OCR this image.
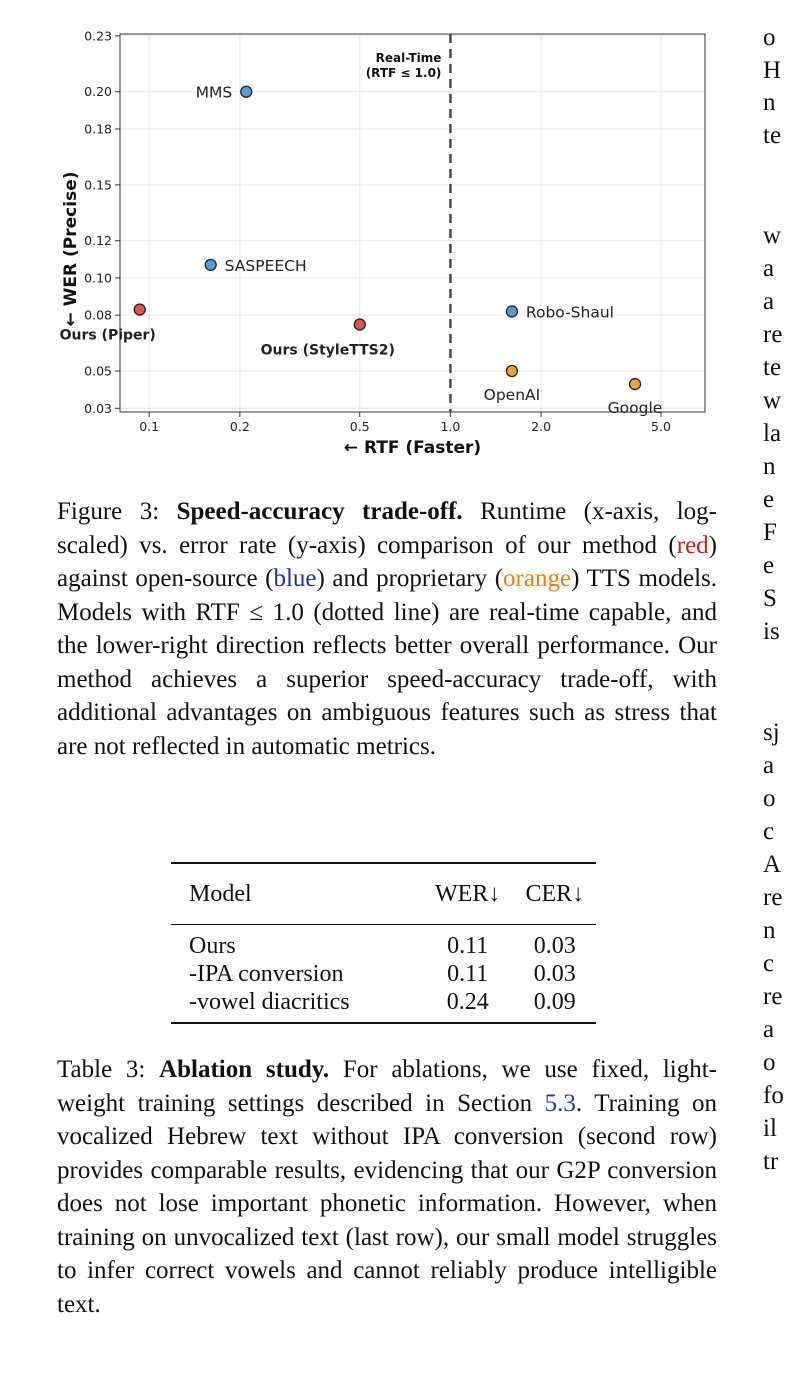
0.03
0.05
0.08
0.10
0.12
0.15
0.18
0.20
0.23
0.1	0.2	0.5	1.0	2.0	5.0
Real-Time
(RTF ≤ 1.0)
MMS
SASPEECH
Ours (Piper)
Ours (StyleTTS2)
Robo-Shaul
OpenAI
Google
← RTF (Faster)
← WER (Precise)

Figure 3: Speed-accuracy trade-off. Runtime (x-axis, log-scaled) vs. error rate (y-axis) comparison of our method (red) against open-source (blue) and proprietary (orange) TTS models. Models with RTF ≤ 1.0 (dotted line) are real-time capable, and the lower-right direction reflects better overall performance. Our method achieves a superior speed-accuracy trade-off, with additional advantages on ambiguous features such as stress that are not reflected in automatic metrics.

Model	WER↓	CER↓
Ours	0.11	0.03
-IPA conversion	0.11	0.03
-vowel diacritics	0.24	0.09

Table 3: Ablation study. For ablations, we use fixed, light-weight training settings described in Section 5.3. Training on vocalized Hebrew text without IPA conversion (second row) provides comparable results, evidencing that our G2P conversion does not lose important phonetic information. However, when training on unvocalized text (last row), our small model struggles to infer correct vowels and cannot reliably produce intelligible text.

o
H
n
te
w
a
a
re
te
w
la
n
e
F
e
S
is
sj
a
o
c
A
re
n
c
re
a
o
fo
il
tr
